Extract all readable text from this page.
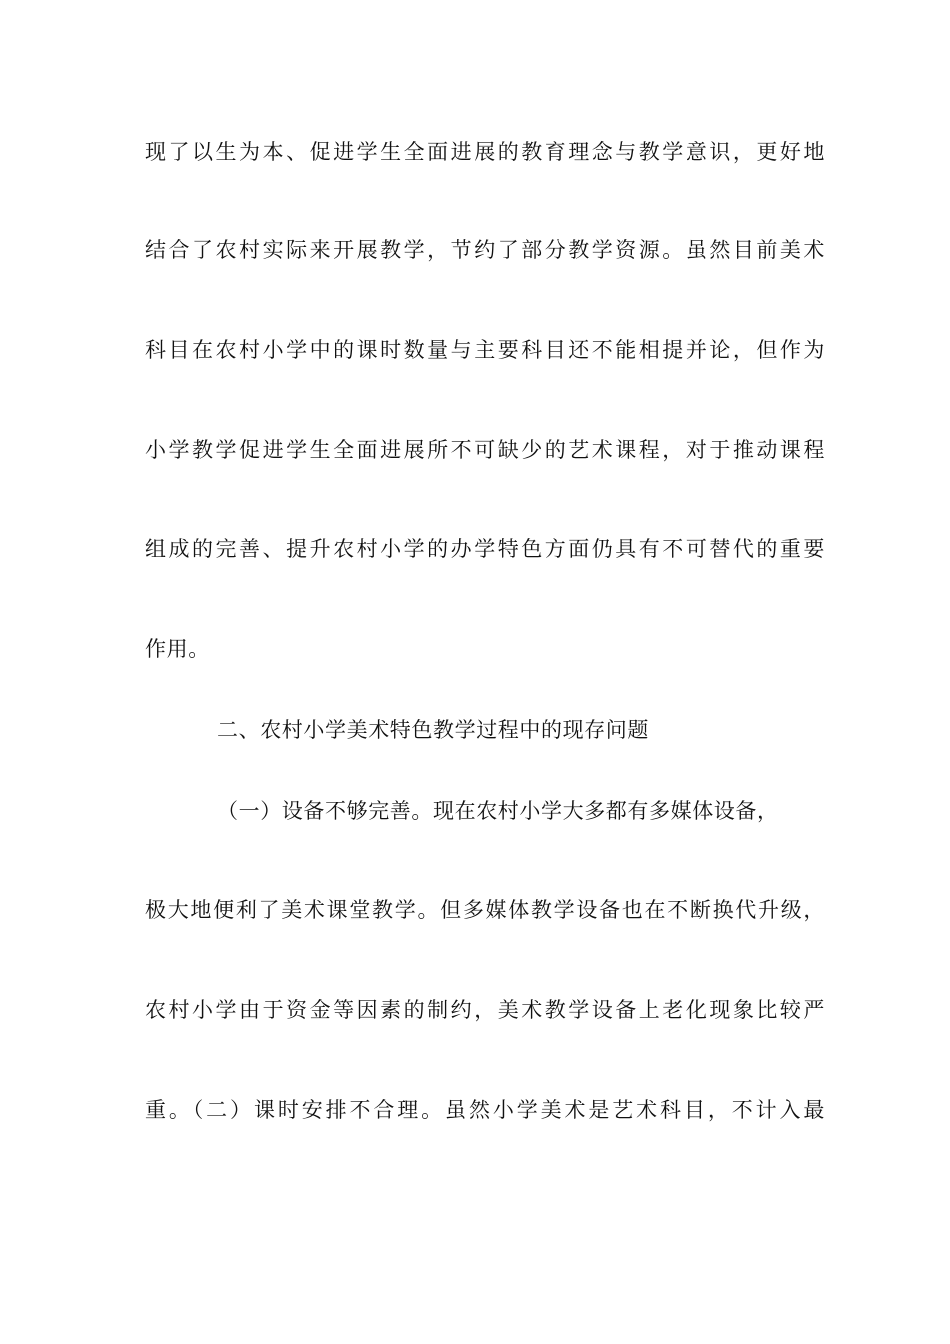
现了以生为本、促进学生全面进展的教育理念与教学意识，更好地
结合了农村实际来开展教学，节约了部分教学资源。虽然目前美术
科目在农村小学中的课时数量与主要科目还不能相提并论，但作为
小学教学促进学生全面进展所不可缺少的艺术课程，对于推动课程
组成的完善、提升农村小学的办学特色方面仍具有不可替代的重要
作用。
二、农村小学美术特色教学过程中的现存问题
（一）设备不够完善。现在农村小学大多都有多媒体设备，
极大地便利了美术课堂教学。但多媒体教学设备也在不断换代升级，
农村小学由于资金等因素的制约，美术教学设备上老化现象比较严
重。（二）课时安排不合理。虽然小学美术是艺术科目，不计入最
